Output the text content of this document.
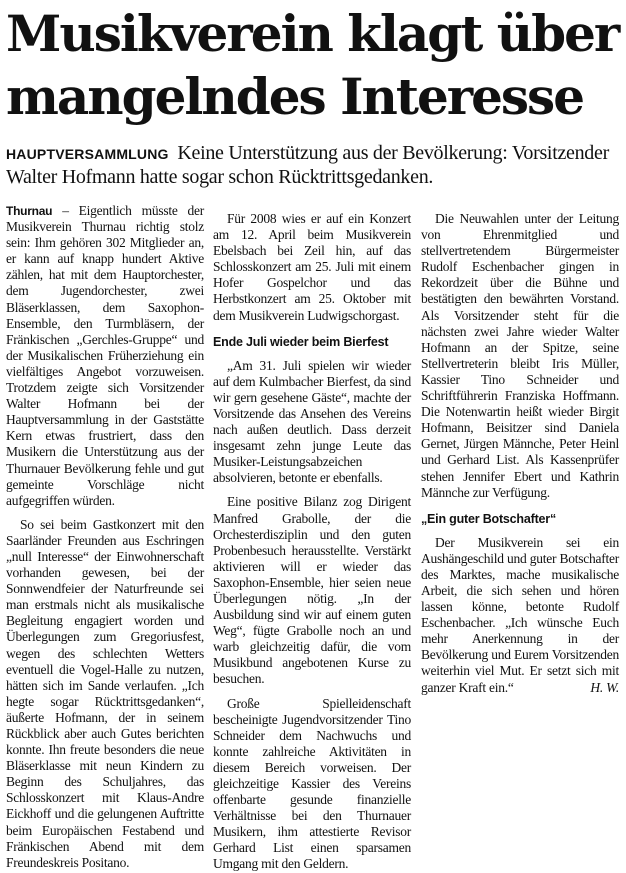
Musikverein klagt über mangelndes Interesse
HAUPTVERSAMMLUNG Keine Unterstützung aus der Bevölkerung: Vorsitzender Walter Hofmann hatte sogar schon Rücktrittsgedanken.

Thurnau – Eigentlich müsste der Musikverein Thurnau richtig stolz sein: Ihm gehören 302 Mitglieder an, er kann auf knapp hundert Aktive zählen, hat mit dem Hauptorchester, dem Jugendorchester, zwei Bläserklassen, dem Saxophon-Ensemble, den Turmbläsern, der Fränkischen „Gerchles-Gruppe“ und der Musikalischen Früherziehung ein vielfältiges Angebot vorzuweisen. Trotzdem zeigte sich Vorsitzender Walter Hofmann bei der Hauptversammlung in der Gaststätte Kern etwas frustriert, dass den Musikern die Unterstützung aus der Thurnauer Bevölkerung fehle und gut gemeinte Vorschläge nicht aufgegriffen würden.

So sei beim Gastkonzert mit den Saarländer Freunden aus Eschringen „null Interesse“ der Einwohnerschaft vorhanden gewesen, bei der Sonnwendfeier der Naturfreunde sei man erstmals nicht als musikalische Begleitung engagiert worden und Überlegungen zum Gregoriusfest, wegen des schlechten Wetters eventuell die Vogel-Halle zu nutzen, hätten sich im Sande verlaufen. „Ich hegte sogar Rücktrittsgedanken“, äußerte Hofmann, der in seinem Rückblick aber auch Gutes berichten konnte. Ihn freute besonders die neue Bläserklasse mit neun Kindern zu Beginn des Schuljahres, das Schlosskonzert mit Klaus-Andre Eickhoff und die gelungenen Auftritte beim Europäischen Festabend und Fränkischen Abend mit dem Freundeskreis Positano.

Für 2008 wies er auf ein Konzert am 12. April beim Musikverein Ebelsbach bei Zeil hin, auf das Schlosskonzert am 25. Juli mit einem Hofer Gospelchor und das Herbstkonzert am 25. Oktober mit dem Musikverein Ludwigschorgast.

Ende Juli wieder beim Bierfest

„Am 31. Juli spielen wir wieder auf dem Kulmbacher Bierfest, da sind wir gern gesehene Gäste“, machte der Vorsitzende das Ansehen des Vereins nach außen deutlich. Dass derzeit insgesamt zehn junge Leute das Musiker-Leistungsabzeichen absolvieren, betonte er ebenfalls.

Eine positive Bilanz zog Dirigent Manfred Grabolle, der die Orchesterdisziplin und den guten Probenbesuch herausstellte. Verstärkt aktivieren will er wieder das Saxophon-Ensemble, hier seien neue Überlegungen nötig. „In der Ausbildung sind wir auf einem guten Weg“, fügte Grabolle noch an und warb gleichzeitig dafür, die vom Musikbund angebotenen Kurse zu besuchen.

Große Spielleidenschaft bescheinigte Jugendvorsitzender Tino Schneider dem Nachwuchs und konnte zahlreiche Aktivitäten in diesem Bereich vorweisen. Der gleichzeitige Kassier des Vereins offenbarte gesunde finanzielle Verhältnisse bei den Thurnauer Musikern, ihm attestierte Revisor Gerhard List einen sparsamen Umgang mit den Geldern.

Die Neuwahlen unter der Leitung von Ehrenmitglied und stellvertretendem Bürgermeister Rudolf Eschenbacher gingen in Rekordzeit über die Bühne und bestätigten den bewährten Vorstand. Als Vorsitzender steht für die nächsten zwei Jahre wieder Walter Hofmann an der Spitze, seine Stellvertreterin bleibt Iris Müller, Kassier Tino Schneider und Schriftführerin Franziska Hoffmann. Die Notenwartin heißt wieder Birgit Hofmann, Beisitzer sind Daniela Gernet, Jürgen Männche, Peter Heinl und Gerhard List. Als Kassenprüfer stehen Jennifer Ebert und Kathrin Männche zur Verfügung.

„Ein guter Botschafter“

Der Musikverein sei ein Aushängeschild und guter Botschafter des Marktes, mache musikalische Arbeit, die sich sehen und hören lassen könne, betonte Rudolf Eschenbacher. „Ich wünsche Euch mehr Anerkennung in der Bevölkerung und Eurem Vorsitzenden weiterhin viel Mut. Er setzt sich mit ganzer Kraft ein.“	H. W.
